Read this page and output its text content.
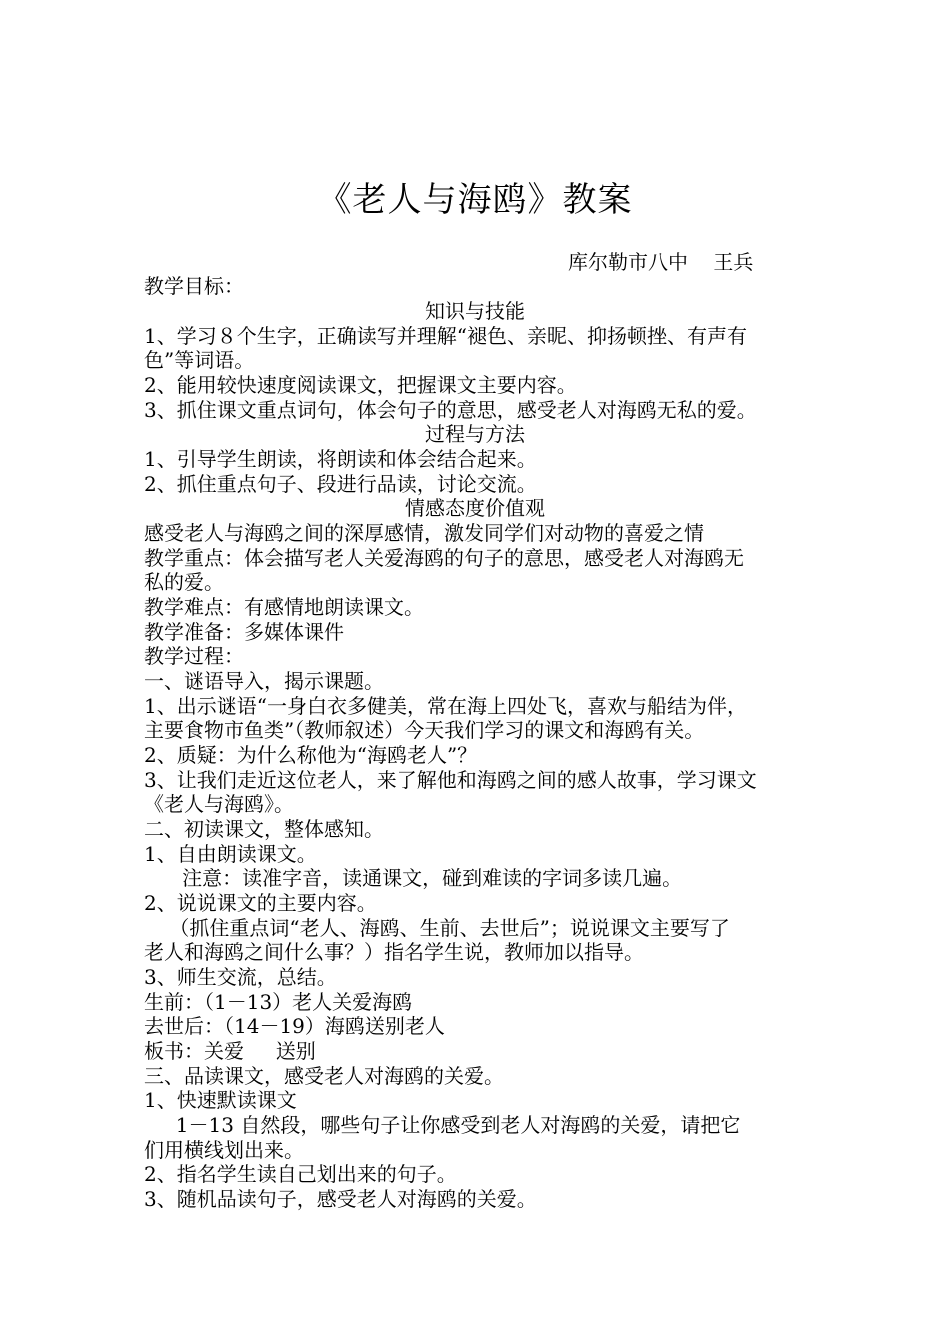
《老人与海鸥》教案
库尔勒市八中    王兵
教学目标：
知识与技能
1、学习８个生字，正确读写并理解“褪色、亲昵、抑扬顿挫、有声有
色”等词语。
2、能用较快速度阅读课文，把握课文主要内容。
3、抓住课文重点词句，体会句子的意思，感受老人对海鸥无私的爱。
过程与方法
1、引导学生朗读，将朗读和体会结合起来。
2、抓住重点句子、段进行品读，讨论交流。
情感态度价值观
感受老人与海鸥之间的深厚感情，激发同学们对动物的喜爱之情
教学重点：体会描写老人关爱海鸥的句子的意思，感受老人对海鸥无
私的爱。
教学难点：有感情地朗读课文。
教学准备：多媒体课件
教学过程：
一、谜语导入，揭示课题。
1、出示谜语“一身白衣多健美，常在海上四处飞，喜欢与船结为伴，
主要食物市鱼类”（教师叙述）今天我们学习的课文和海鸥有关。
2、质疑：为什么称他为“海鸥老人”？
3、让我们走近这位老人，来了解他和海鸥之间的感人故事，学习课文
《老人与海鸥》。
二、初读课文，整体感知。
1、自由朗读课文。
注意：读准字音，读通课文，碰到难读的字词多读几遍。
2、说说课文的主要内容。
（抓住重点词“老人、海鸥、生前、去世后”；说说课文主要写了
老人和海鸥之间什么事？）指名学生说，教师加以指导。
3、师生交流，总结。
生前：（1－13）老人关爱海鸥
去世后：（14－19）海鸥送别老人
板书：关爱     送别
三、品读课文，感受老人对海鸥的关爱。
1、快速默读课文
1－13 自然段，哪些句子让你感受到老人对海鸥的关爱，请把它
们用横线划出来。
2、指名学生读自己划出来的句子。
3、随机品读句子，感受老人对海鸥的关爱。
